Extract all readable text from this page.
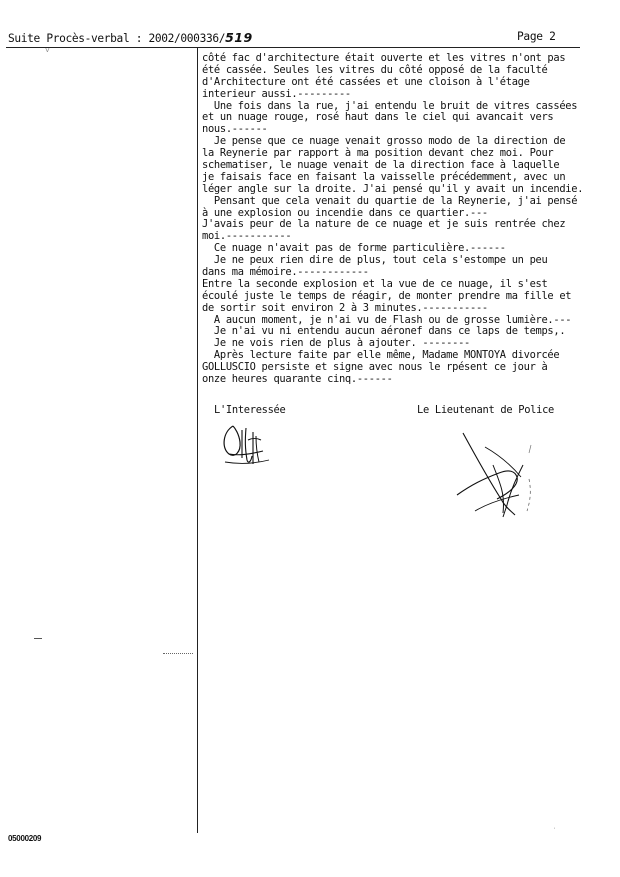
Suite Procès-verbal : 2002/000336/519	Page 2
côté fac d'architecture était ouverte et les vitres n'ont pas
été cassée. Seules les vitres du côté opposé de la faculté
d'Architecture ont été cassées et une cloison à l'étage
interieur aussi.---------
Une fois dans la rue, j'ai entendu le bruit de vitres cassées
et un nuage rouge, rosé haut dans le ciel qui avancait vers
nous.------
Je pense que ce nuage venait grosso modo de la direction de
la Reynerie par rapport à ma position devant chez moi. Pour
schematiser, le nuage venait de la direction face à laquelle
je faisais face en faisant la vaisselle précédemment, avec un
léger angle sur la droite. J'ai pensé qu'il y avait un incendie.
Pensant que cela venait du quartie de la Reynerie, j'ai pensé
à une explosion ou incendie dans ce quartier.---
J'avais peur de la nature de ce nuage et je suis rentrée chez
moi.-----------
Ce nuage n'avait pas de forme particulière.------
Je ne peux rien dire de plus, tout cela s'estompe un peu
dans ma mémoire.------------
Entre la seconde explosion et la vue de ce nuage, il s'est
écoulé juste le temps de réagir, de monter prendre ma fille et
de sortir soit environ 2 à 3 minutes.-----------
A aucun moment, je n'ai vu de Flash ou de grosse lumière.---
Je n'ai vu ni entendu aucun aéronef dans ce laps de temps,.
Je ne vois rien de plus à ajouter. --------
Après lecture faite par elle même, Madame MONTOYA divorcée
GOLLUSCIO persiste et signe avec nous le rpésent ce jour à
onze heures quarante cinq.------

L'Interessée

	Le Lieutenant de Police

˅
˙
05000209
